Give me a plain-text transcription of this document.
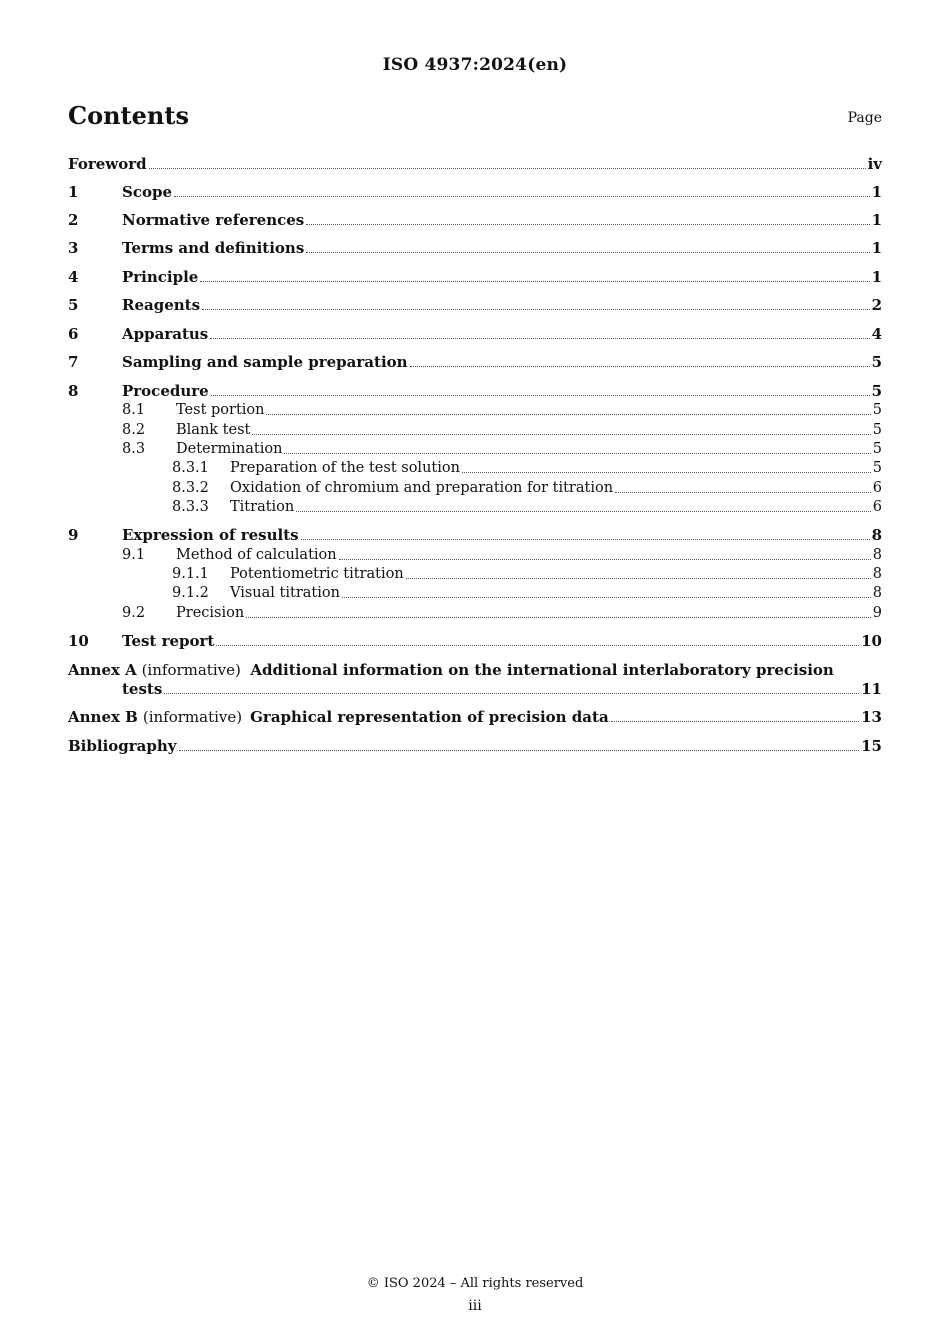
ISO 4937:2024(en)
Contents	Page
Foreword	iv
1	Scope	1
2	Normative references	1
3	Terms and definitions	1
4	Principle	1
5	Reagents	2
6	Apparatus	4
7	Sampling and sample preparation	5
8	Procedure	5
8.1 Test portion	5
8.2 Blank test	5
8.3 Determination	5
8.3.1 Preparation of the test solution	5
8.3.2 Oxidation of chromium and preparation for titration	6
8.3.3 Titration	6
9	Expression of results	8
9.1 Method of calculation	8
9.1.1 Potentiometric titration	8
9.1.2 Visual titration	8
9.2 Precision	9
10 Test report	10
Annex A (informative) Additional information on the international interlaboratory precision
tests	11
Annex B (informative) Graphical representation of precision data	13
Bibliography	15
© ISO 2024 – All rights reserved
iii
